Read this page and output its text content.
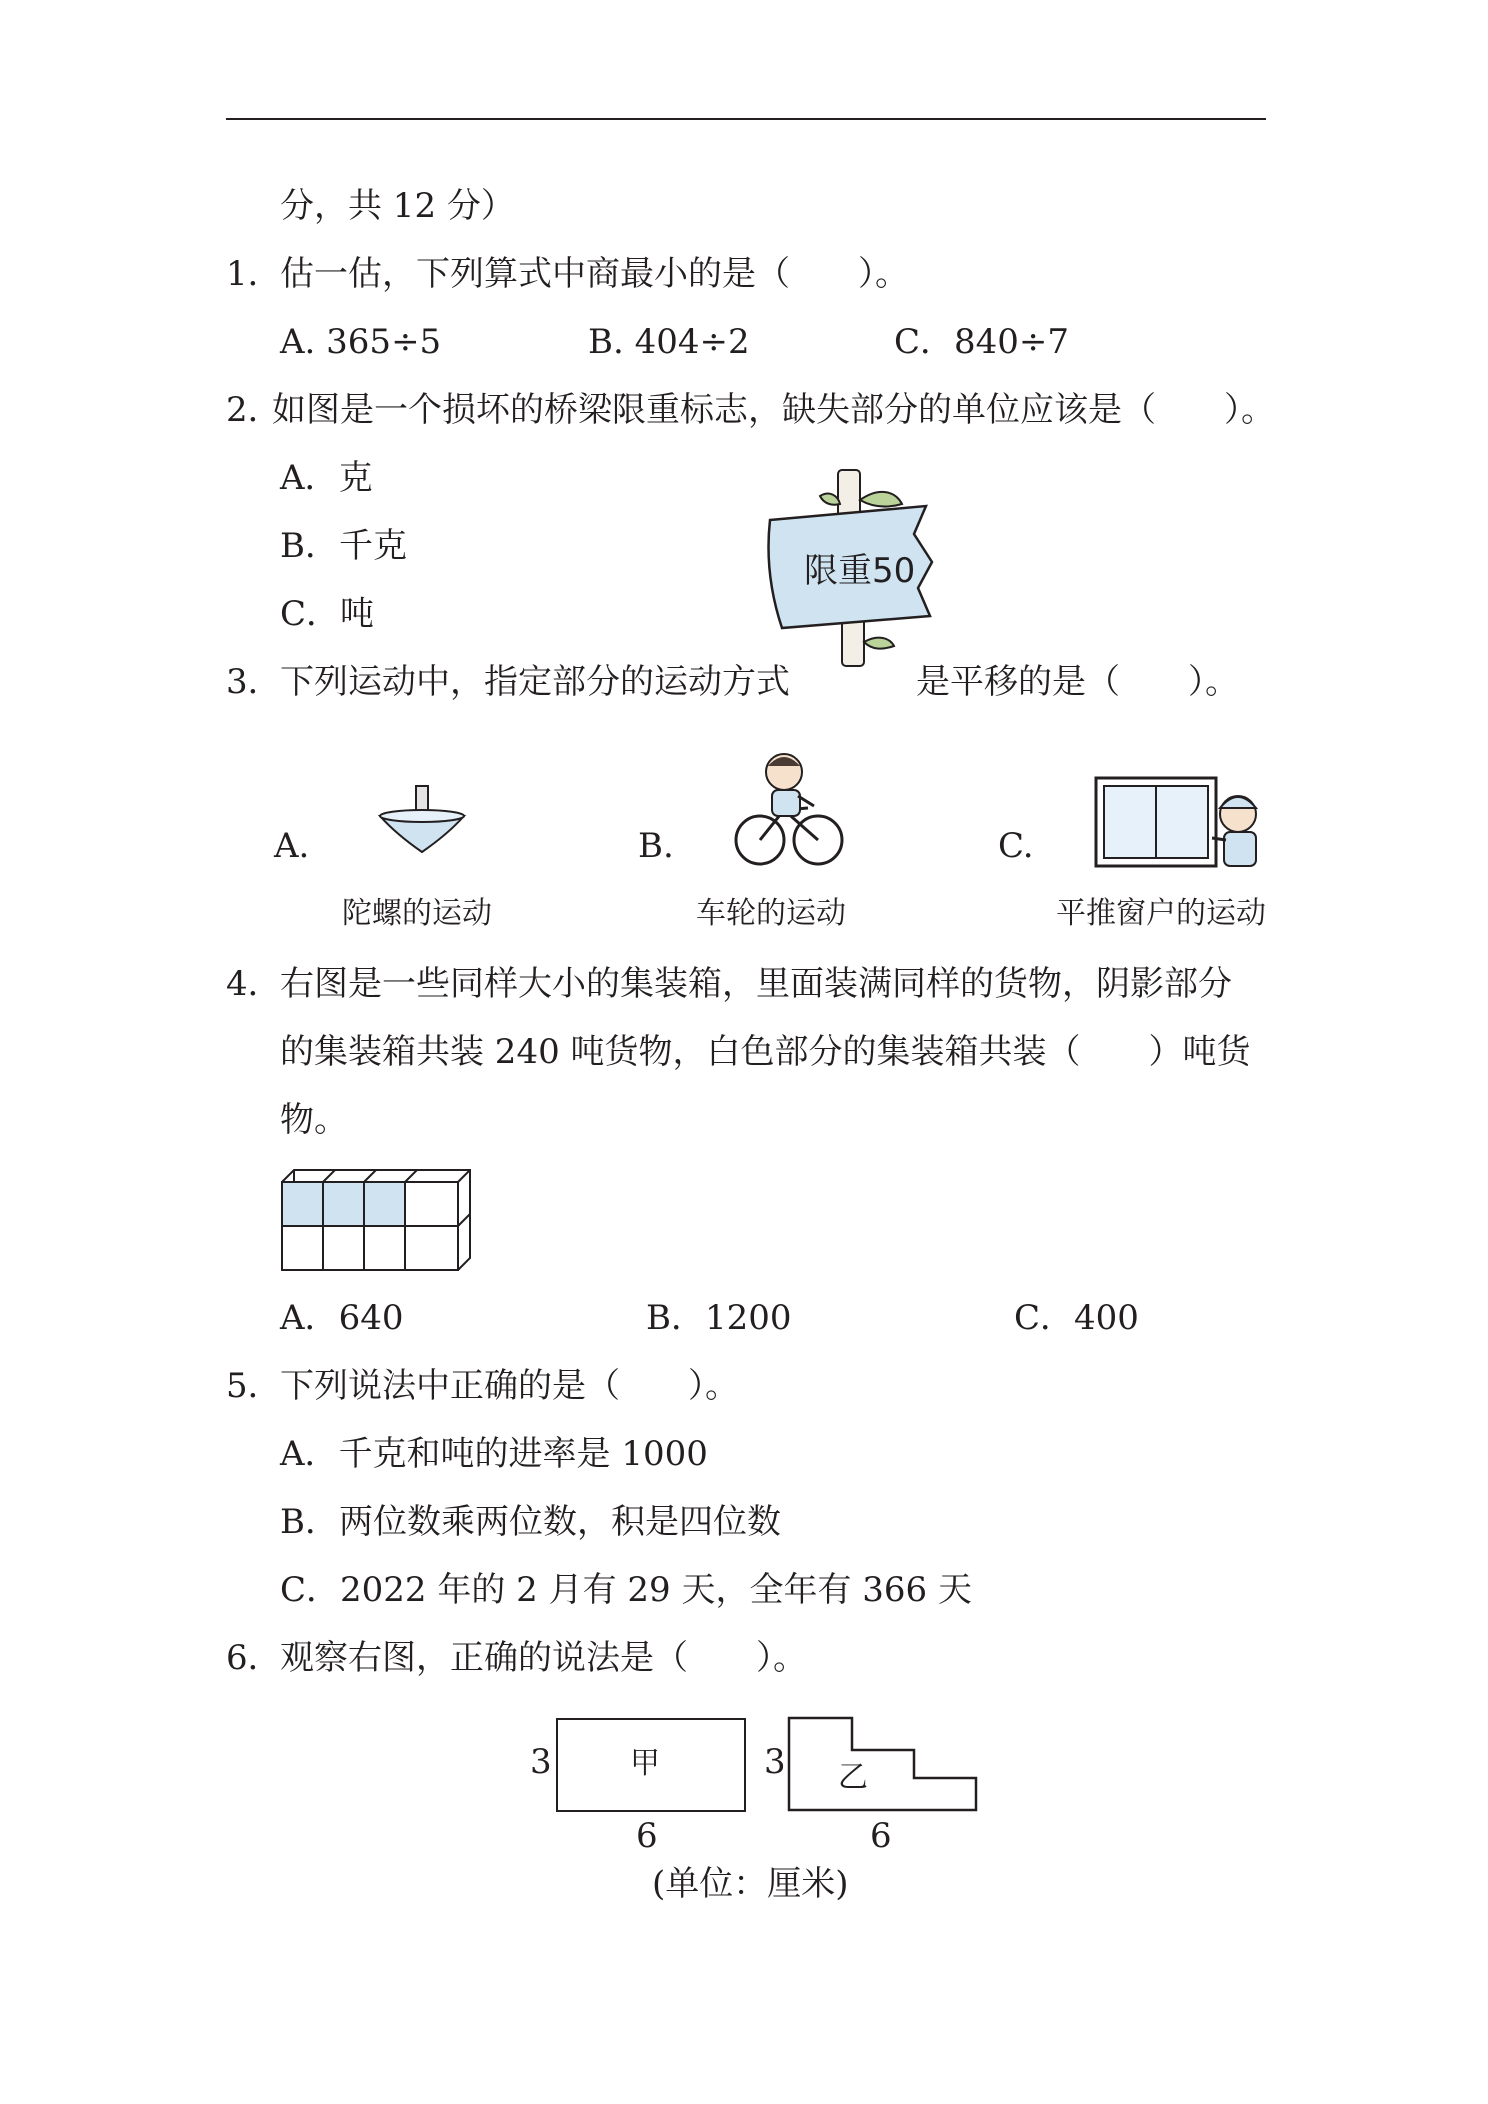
分，共 12 分）
1．
估一估，下列算式中商最小的是（　　）。
A. 365÷5	B. 404÷2	C．840÷7
2．
如图是一个损坏的桥梁限重标志，缺失部分的单位应该是（　　）。
A．克
B．千克
C．吨
限重50
3．
下列运动中，指定部分的运动方式	是平移的是（　　）。
A.
陀螺的运动
B.
车轮的运动
C.
平推窗户的运动
4．
右图是一些同样大小的集装箱，里面装满同样的货物，阴影部分
的集装箱共装 240 吨货物，白色部分的集装箱共装（　　）吨货
物。
A．640	B．1200	C．400
5．
下列说法中正确的是（　　）。
A．千克和吨的进率是 1000
B．两位数乘两位数，积是四位数
C．2022 年的 2 月有 29 天，全年有 366 天
6．
观察右图，正确的说法是（　　）。
甲
3
6
乙
3
6
(单位：厘米)
